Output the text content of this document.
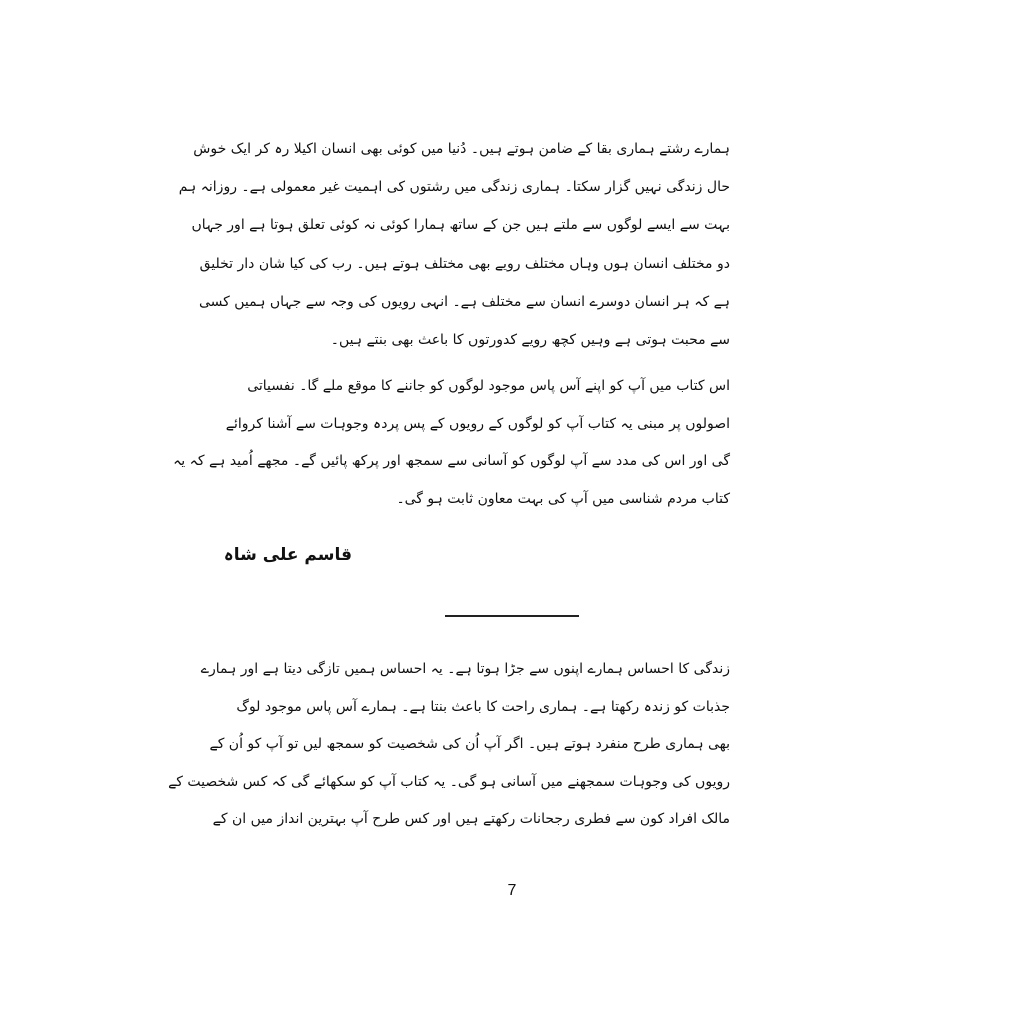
ہمارے رشتے ہماری بقا کے ضامن ہوتے ہیں۔ دُنیا میں کوئی بھی انسان اکیلا رہ کر ایک خوش
حال زندگی نہیں گزار سکتا۔ ہماری زندگی میں رشتوں کی اہمیت غیر معمولی ہے۔ روزانہ ہم
بہت سے ایسے لوگوں سے ملتے ہیں جن کے ساتھ ہمارا کوئی نہ کوئی تعلق ہوتا ہے اور جہاں
دو مختلف انسان ہوں وہاں مختلف رویے بھی مختلف ہوتے ہیں۔ رب کی کیا شان دار تخلیق
ہے کہ ہر انسان دوسرے انسان سے مختلف ہے۔ انہی رویوں کی وجہ سے جہاں ہمیں کسی
سے محبت ہوتی ہے وہیں کچھ رویے کدورتوں کا باعث بھی بنتے ہیں۔
اس کتاب میں آپ کو اپنے آس پاس موجود لوگوں کو جاننے کا موقع ملے گا۔ نفسیاتی
اصولوں پر مبنی یہ کتاب آپ کو لوگوں کے رویوں کے پس پردہ وجوہات سے آشنا کروائے
گی اور اس کی مدد سے آپ لوگوں کو آسانی سے سمجھ اور پرکھ پائیں گے۔ مجھے اُمید ہے کہ یہ
کتاب مردم شناسی میں آپ کی بہت معاون ثابت ہو گی۔
قاسم علی شاہ
زندگی کا احساس ہمارے اپنوں سے جڑا ہوتا ہے۔ یہ احساس ہمیں تازگی دیتا ہے اور ہمارے
جذبات کو زندہ رکھتا ہے۔ ہماری راحت کا باعث بنتا ہے۔ ہمارے آس پاس موجود لوگ
بھی ہماری طرح منفرد ہوتے ہیں۔ اگر آپ اُن کی شخصیت کو سمجھ لیں تو آپ کو اُن کے
رویوں کی وجوہات سمجھنے میں آسانی ہو گی۔ یہ کتاب آپ کو سکھائے گی کہ کس شخصیت کے
مالک افراد کون سے فطری رجحانات رکھتے ہیں اور کس طرح آپ بہترین انداز میں ان کے
7
